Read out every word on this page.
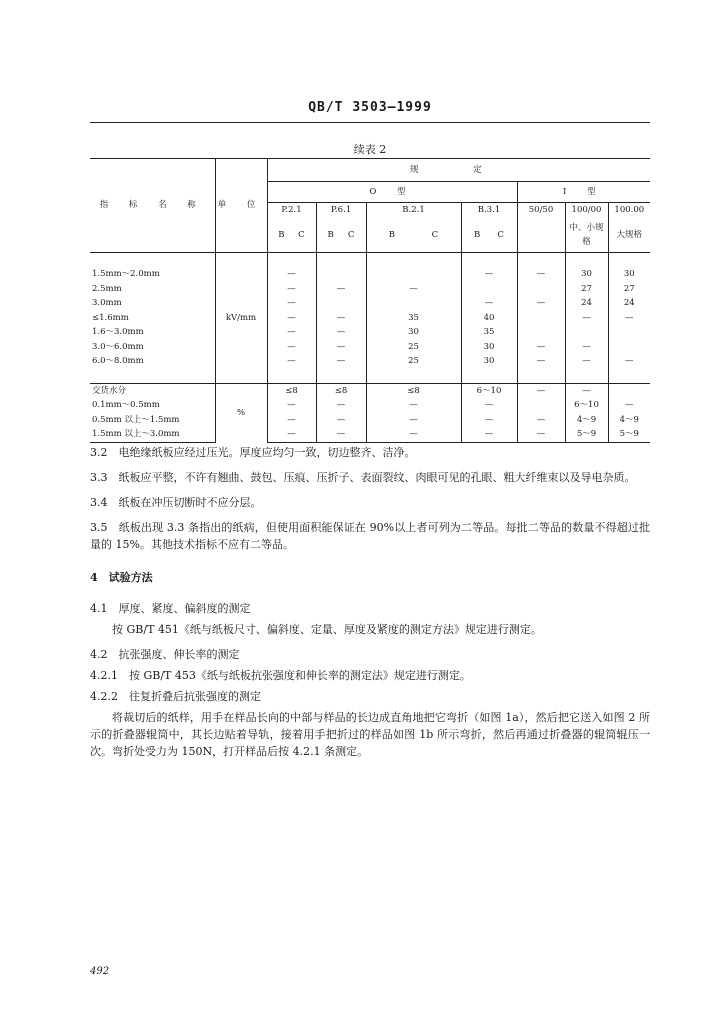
QB/T 3503—1999
续表 2
指 标 名 称	单 位	规 定						
		O 型				Ⅰ 型		
		P.2.1	P.6.1	B.2.1	B.3.1	50/50	100/00	100.00

		B C	B C	B C	B C		中、小规格	大规格

1.5mm～2.0mm	kV/mm	—			—	—	30	30
2.5mm		—	—	—			27	27
3.0mm		—			—	—	24	24
≤1.6mm		—	—	35	40		—	—
1.6～3.0mm		—	—	30	35			
3.0～6.0mm		—	—	25	30	—	—	
6.0～8.0mm		—	—	25	30	—	—	—

交货水分	%	≤8	≤8	≤8	6～10	—	—	
0.1mm～0.5mm		—	—	—	—		6～10	—
0.5mm 以上～1.5mm		—	—	—	—	—	4～9	4～9
1.5mm 以上～3.0mm		—	—	—	—	—	5～9	5～9

3.2　 电绝缘纸板应经过压光。厚度应均匀一致，切边整齐、洁净。

3.3　 纸板应平整，不许有翘曲、鼓包、压痕、压折子、表面裂纹、肉眼可见的孔眼、粗大纤维束以及导电杂质。

3.4　 纸板在冲压切断时不应分层。

3.5　 纸板出现 3.3 条指出的纸病，但使用面积能保证在 90%以上者可列为二等品。每批二等品的数量不得超过批量的 15%。其他技术指标不应有二等品。

4　试验方法

4.1　厚度、紧度、偏斜度的测定

按 GB/T 451《纸与纸板尺寸、偏斜度、定量、厚度及紧度的测定方法》规定进行测定。

4.2　抗张强度、伸长率的测定

4.2.1　按 GB/T 453《纸与纸板抗张强度和伸长率的测定法》规定进行测定。

4.2.2　往复折叠后抗张强度的测定

将裁切后的纸样，用手在样品长向的中部与样品的长边成直角地把它弯折（如图 1a），然后把它送入如图 2 所示的折叠器辊筒中，其长边贴着导轨，接着用手把折过的样品如图 1b 所示弯折，然后再通过折叠器的辊筒辊压一次。弯折处受力为 150N，打开样品后按 4.2.1 条测定。

492
